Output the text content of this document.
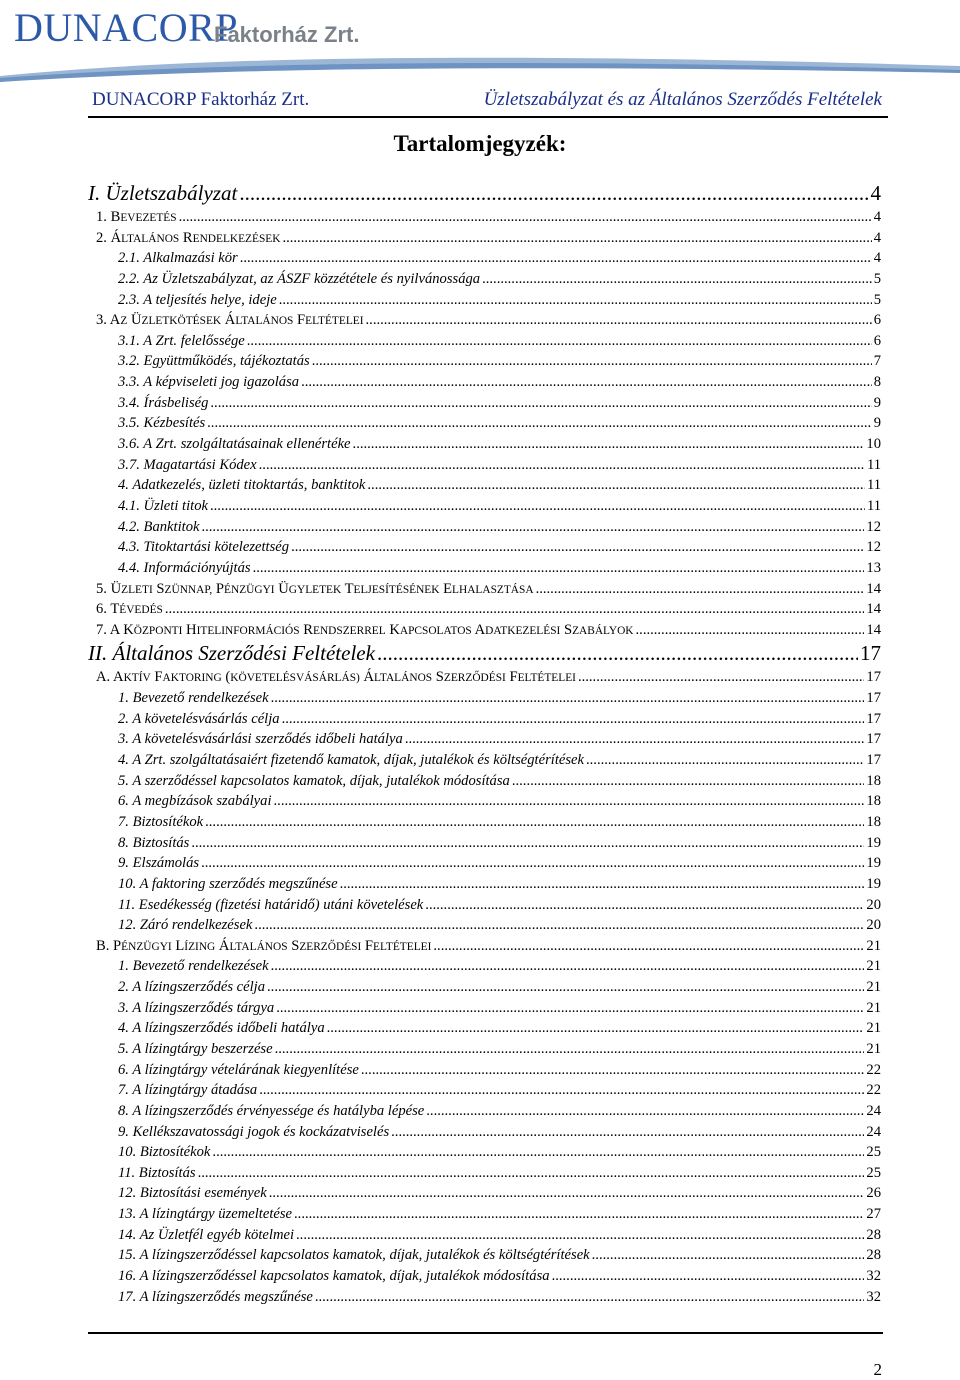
DUNACORP
Faktorház Zrt.
DUNACORP Faktorház Zrt.	Üzletszabályzat és az Általános Szerződés Feltételek
Tartalomjegyzék:
I. Üzletszabályzat .....	4
1. BEVEZETÉS .....	4
2. ÁLTALÁNOS RENDELKEZÉSEK .....	4
2.1. Alkalmazási kör .....	4
2.2. Az Üzletszabályzat, az ÁSZF közzététele és nyilvánossága .....	5
2.3. A teljesítés helye, ideje .....	5
3. AZ ÜZLETKÖTÉSEK ÁLTALÁNOS FELTÉTELEI .....	6
3.1. A Zrt. felelőssége .....	6
3.2. Együttműködés, tájékoztatás .....	7
3.3. A képviseleti jog igazolása .....	8
3.4. Írásbeliség .....	9
3.5. Kézbesítés .....	9
3.6. A Zrt. szolgáltatásainak ellenértéke .....	10
3.7. Magatartási Kódex .....	11
4. Adatkezelés, üzleti titoktartás, banktitok .....	11
4.1. Üzleti titok .....	11
4.2. Banktitok .....	12
4.3. Titoktartási kötelezettség .....	12
4.4. Információnyújtás .....	13
5. ÜZLETI SZÜNNAP, PÉNZÜGYI ÜGYLETEK TELJESÍTÉSÉNEK ELHALASZTÁSA .....	14
6. TÉVEDÉS .....	14
7. A KÖZPONTI HITELINFORMÁCIÓS RENDSZERREL KAPCSOLATOS ADATKEZELÉSI SZABÁLYOK .....	14
II. Általános Szerződési Feltételek .....	17
A. AKTÍV FAKTORING (KÖVETELÉSVÁSÁRLÁS) ÁLTALÁNOS SZERZŐDÉSI FELTÉTELEI .....	17
1. Bevezető rendelkezések .....	17
2. A követelésvásárlás célja .....	17
3. A követelésvásárlási szerződés időbeli hatálya .....	17
4. A Zrt. szolgáltatásaiért fizetendő kamatok, díjak, jutalékok és költségtérítések .....	17
5. A szerződéssel kapcsolatos kamatok, díjak, jutalékok módosítása .....	18
6. A megbízások szabályai .....	18
7. Biztosítékok .....	18
8. Biztosítás .....	19
9. Elszámolás .....	19
10. A faktoring szerződés megszűnése .....	19
11. Esedékesség (fizetési határidő) utáni követelések .....	20
12. Záró rendelkezések .....	20
B. PÉNZÜGYI LÍZING ÁLTALÁNOS SZERZŐDÉSI FELTÉTELEI .....	21
1. Bevezető rendelkezések .....	21
2. A lízingszerződés célja .....	21
3. A lízingszerződés tárgya .....	21
4. A lízingszerződés időbeli hatálya .....	21
5. A lízingtárgy beszerzése .....	21
6. A lízingtárgy vételárának kiegyenlítése .....	22
7. A lízingtárgy átadása .....	22
8. A lízingszerződés érvényessége és hatályba lépése .....	24
9. Kellékszavatossági jogok és kockázatviselés .....	24
10. Biztosítékok .....	25
11. Biztosítás .....	25
12. Biztosítási események .....	26
13. A lízingtárgy üzemeltetése .....	27
14. Az Üzletfél egyéb kötelmei .....	28
15. A lízingszerződéssel kapcsolatos kamatok, díjak, jutalékok és költségtérítések .....	28
16. A lízingszerződéssel kapcsolatos kamatok, díjak, jutalékok módosítása .....	32
17. A lízingszerződés megszűnése .....	32
2
